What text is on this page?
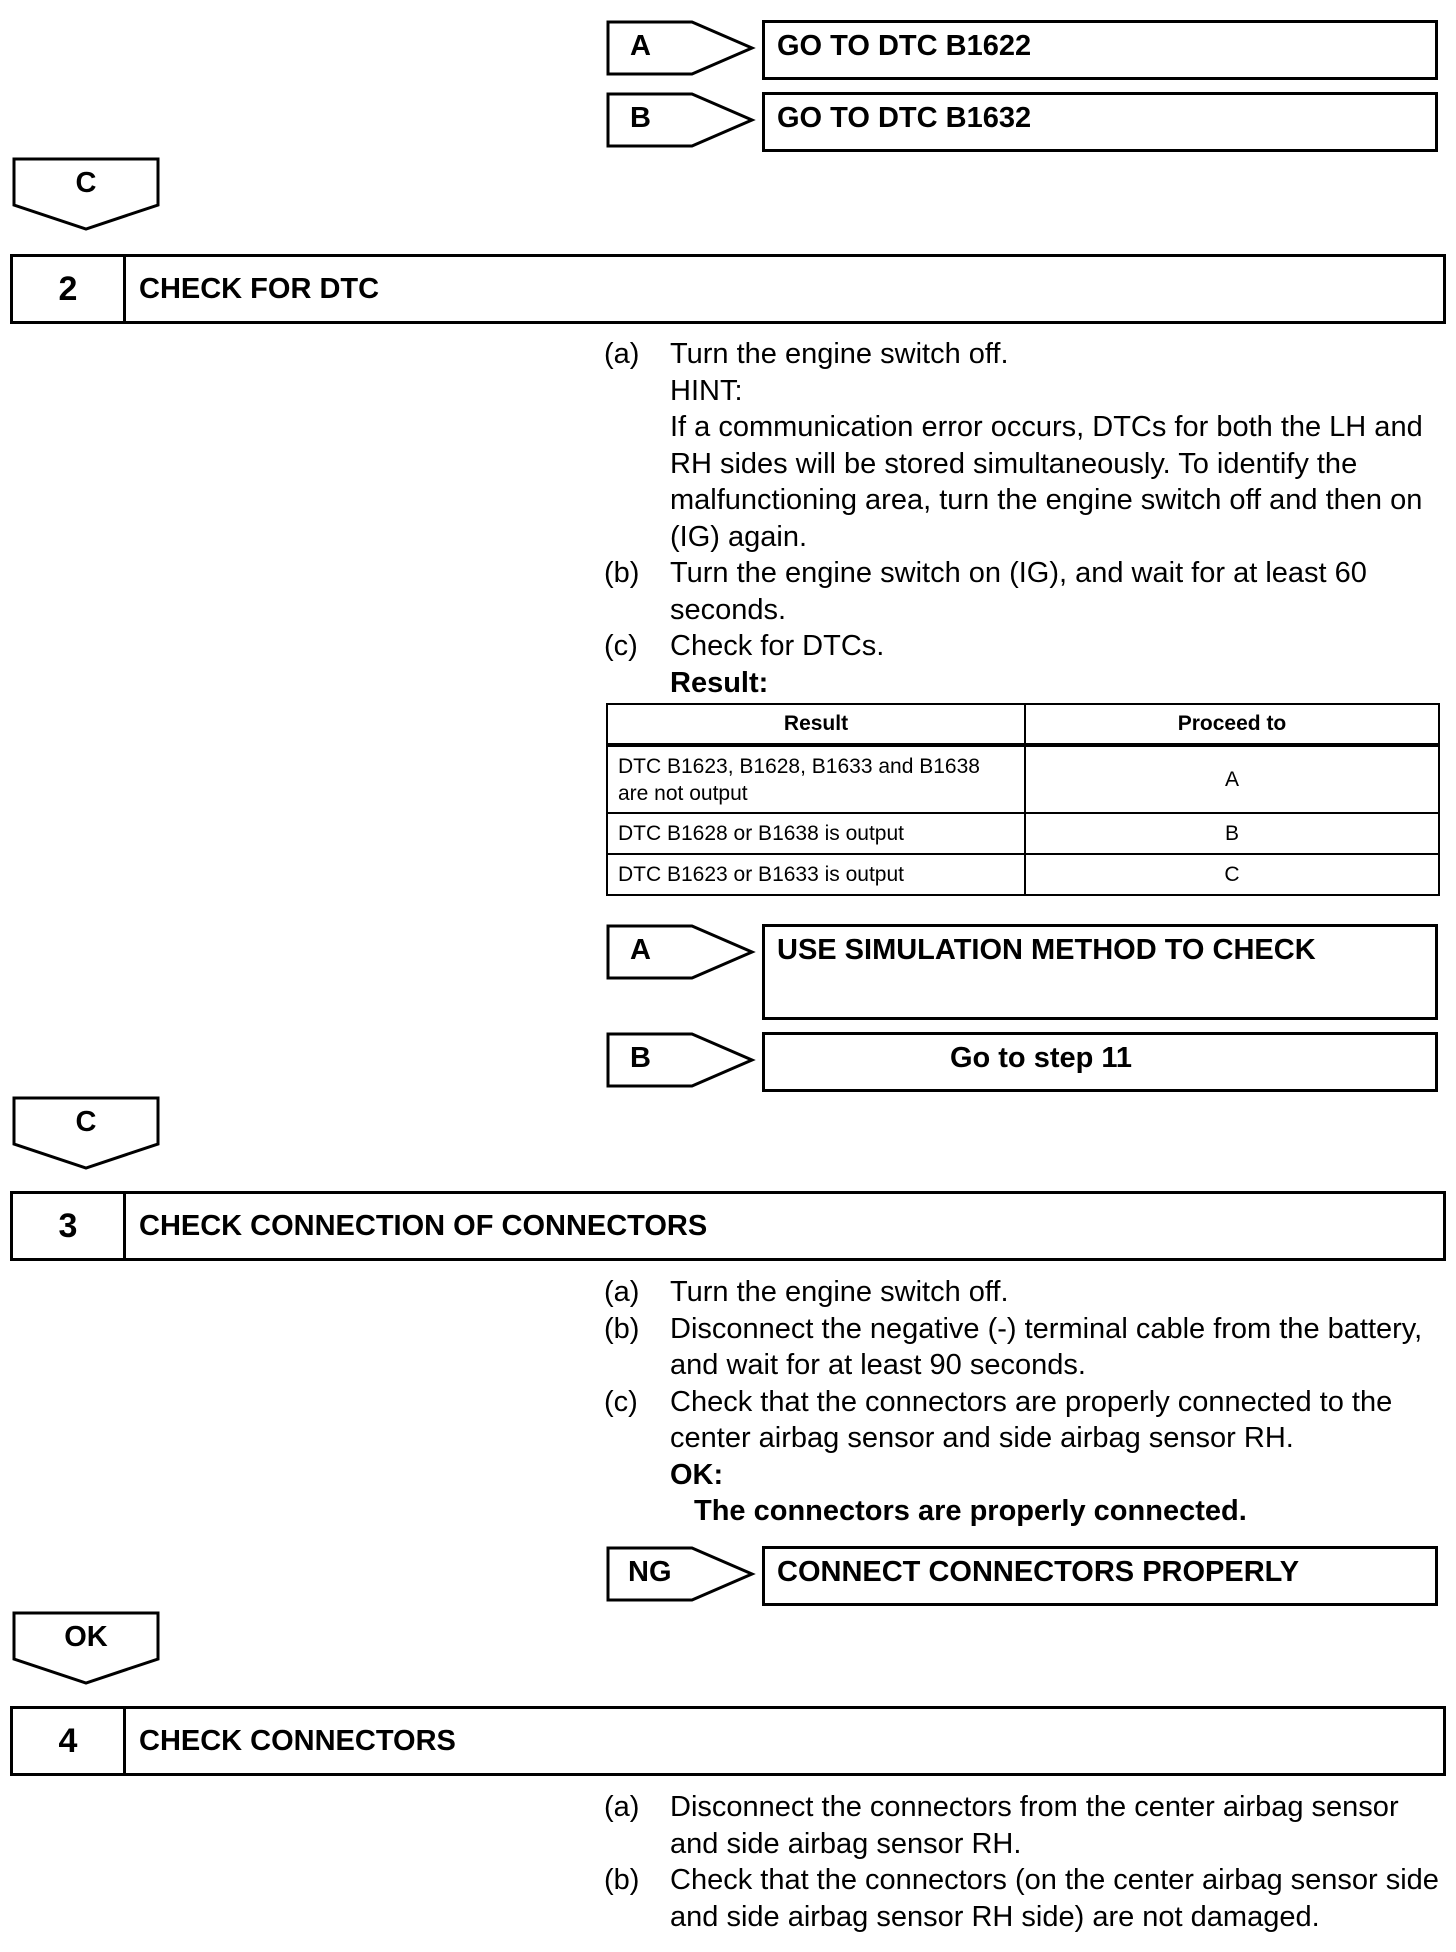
A	GO TO DTC B1622
B	GO TO DTC B1632
C
2	CHECK FOR DTC
(a) Turn the engine switch off.
HINT:
If a communication error occurs, DTCs for both the LH and RH sides will be stored simultaneously. To identify the malfunctioning area, turn the engine switch off and then on (IG) again.
(b) Turn the engine switch on (IG), and wait for at least 60 seconds.
(c) Check for DTCs.
Result:
Result	Proceed to
DTC B1623, B1628, B1633 and B1638 are not output	A
DTC B1628 or B1638 is output	B
DTC B1623 or B1633 is output	C
A	USE SIMULATION METHOD TO CHECK
B	Go to step 11
C
3	CHECK CONNECTION OF CONNECTORS
(a) Turn the engine switch off.
(b) Disconnect the negative (-) terminal cable from the battery, and wait for at least 90 seconds.
(c) Check that the connectors are properly connected to the center airbag sensor and side airbag sensor RH.
OK:
The connectors are properly connected.
NG	CONNECT CONNECTORS PROPERLY
OK
4	CHECK CONNECTORS
(a) Disconnect the connectors from the center airbag sensor and side airbag sensor RH.
(b) Check that the connectors (on the center airbag sensor side and side airbag sensor RH side) are not damaged.
